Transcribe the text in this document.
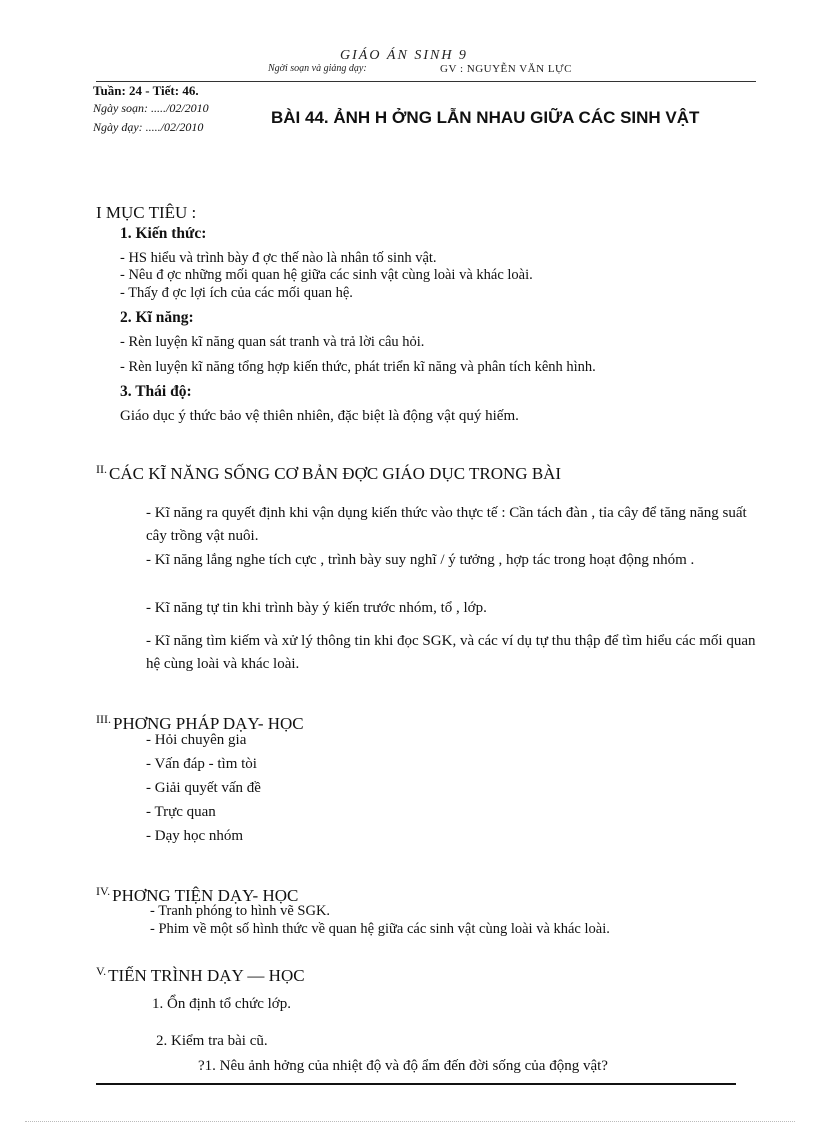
GIÁO ÁN SINH 9
Ngời soạn và giảng dạy:	GV : NGUYỄN VĂN LỰC
Tuần: 24 - Tiết: 46.
Ngày soạn: ...../02/2010
Ngày dạy: ...../02/2010	BÀI 44. ẢNH H ỞNG LẪN NHAU GIỮA CÁC SINH VẬT
I MỤC TIÊU :
1. Kiến thức:
- HS hiểu và trình bày đ ợc thế nào là nhân tố sinh vật.
- Nêu đ ợc những mối quan hệ giữa các sinh vật cùng loài và khác loài.
- Thấy đ ợc lợi ích của các mối quan hệ.
2. Kĩ năng:
- Rèn luyện kĩ năng quan sát tranh và trả lời câu hỏi.
- Rèn luyện kĩ năng tổng hợp kiến thức, phát triển kĩ năng và phân tích kênh hình.
3. Thái độ:
Giáo dục ý thức bảo vệ thiên nhiên, đặc biệt là động vật quý hiếm.
$^{II.}$ CÁC KĨ NĂNG SỐNG CƠ BẢN ĐỢC GIÁO DỤC TRONG BÀI
- Kĩ năng ra quyết định khi vận dụng kiến thức vào thực tế : Cần tách đàn , tỉa cây để tăng năng suất cây trồng vật nuôi.
- Kĩ năng lắng nghe tích cực , trình bày suy nghĩ / ý tưởng , hợp tác trong hoạt động nhóm .
- Kĩ năng tự tin khi trình bày ý kiến trước nhóm, tổ , lớp.
- Kĩ năng tìm kiếm và xử lý thông tin khi đọc SGK, và các ví dụ tự thu thập để tìm hiểu các mối quan hệ cùng loài và khác loài.
$^{III.}$ PHƠNG PHÁP DẠY- HỌC
- Hỏi chuyên gia
- Vấn đáp - tìm tòi
- Giải quyết vấn đề
- Trực quan
- Dạy học nhóm
$^{IV.}$ PHƠNG TIỆN DẠY- HỌC
- Tranh phóng to hình vẽ SGK.
- Phim về một số hình thức về quan hệ giữa các sinh vật cùng loài và khác loài.
$^{V.}$ TIẾN TRÌNH DẠY — HỌC
1. Ổn định tổ chức lớp.
2. Kiểm tra bài cũ.
?1. Nêu ảnh hởng của nhiệt độ và độ ẩm đến đời sống của động vật?
